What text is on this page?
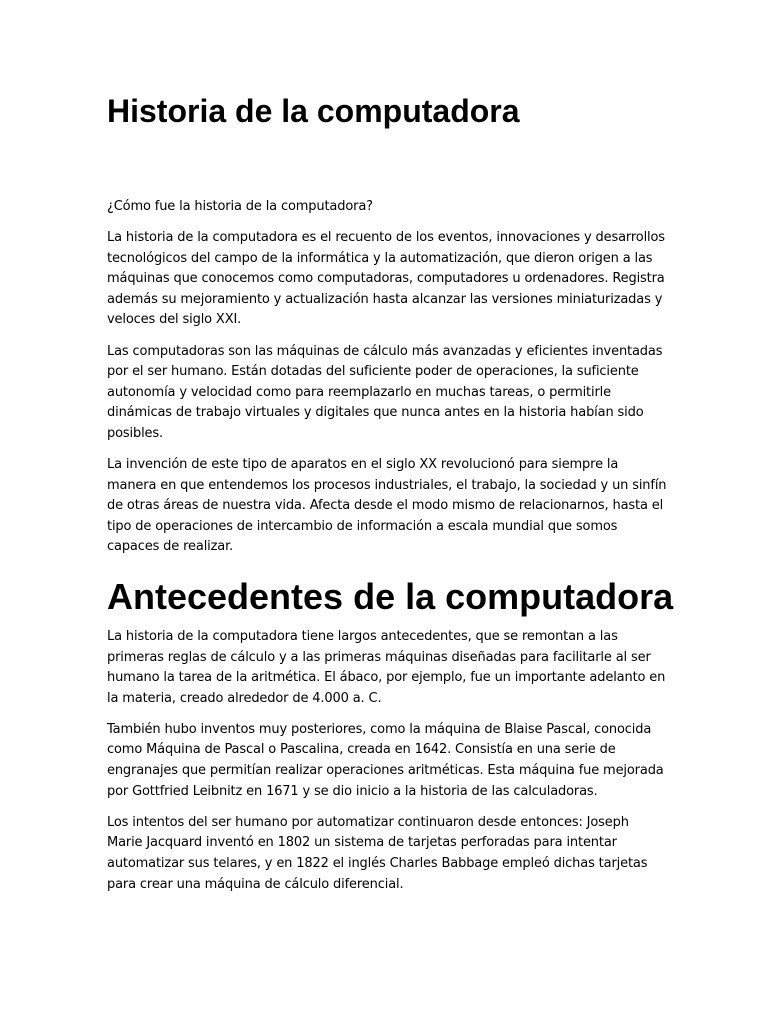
Historia de la computadora

¿Cómo fue la historia de la computadora?

La historia de la computadora es el recuento de los eventos, innovaciones y desarrollos tecnológicos del campo de la informática y la automatización, que dieron origen a las máquinas que conocemos como computadoras, computadores u ordenadores. Registra además su mejoramiento y actualización hasta alcanzar las versiones miniaturizadas y veloces del siglo XXI.

Las computadoras son las máquinas de cálculo más avanzadas y eficientes inventadas por el ser humano. Están dotadas del suficiente poder de operaciones, la suficiente autonomía y velocidad como para reemplazarlo en muchas tareas, o permitirle dinámicas de trabajo virtuales y digitales que nunca antes en la historia habían sido posibles.

La invención de este tipo de aparatos en el siglo XX revolucionó para siempre la manera en que entendemos los procesos industriales, el trabajo, la sociedad y un sinfín de otras áreas de nuestra vida. Afecta desde el modo mismo de relacionarnos, hasta el tipo de operaciones de intercambio de información a escala mundial que somos capaces de realizar.

Antecedentes de la computadora

La historia de la computadora tiene largos antecedentes, que se remontan a las primeras reglas de cálculo y a las primeras máquinas diseñadas para facilitarle al ser humano la tarea de la aritmética. El ábaco, por ejemplo, fue un importante adelanto en la materia, creado alrededor de 4.000 a. C.

También hubo inventos muy posteriores, como la máquina de Blaise Pascal, conocida como Máquina de Pascal o Pascalina, creada en 1642. Consistía en una serie de engranajes que permitían realizar operaciones aritméticas. Esta máquina fue mejorada por Gottfried Leibnitz en 1671 y se dio inicio a la historia de las calculadoras.

Los intentos del ser humano por automatizar continuaron desde entonces: Joseph Marie Jacquard inventó en 1802 un sistema de tarjetas perforadas para intentar automatizar sus telares, y en 1822 el inglés Charles Babbage empleó dichas tarjetas para crear una máquina de cálculo diferencial.
